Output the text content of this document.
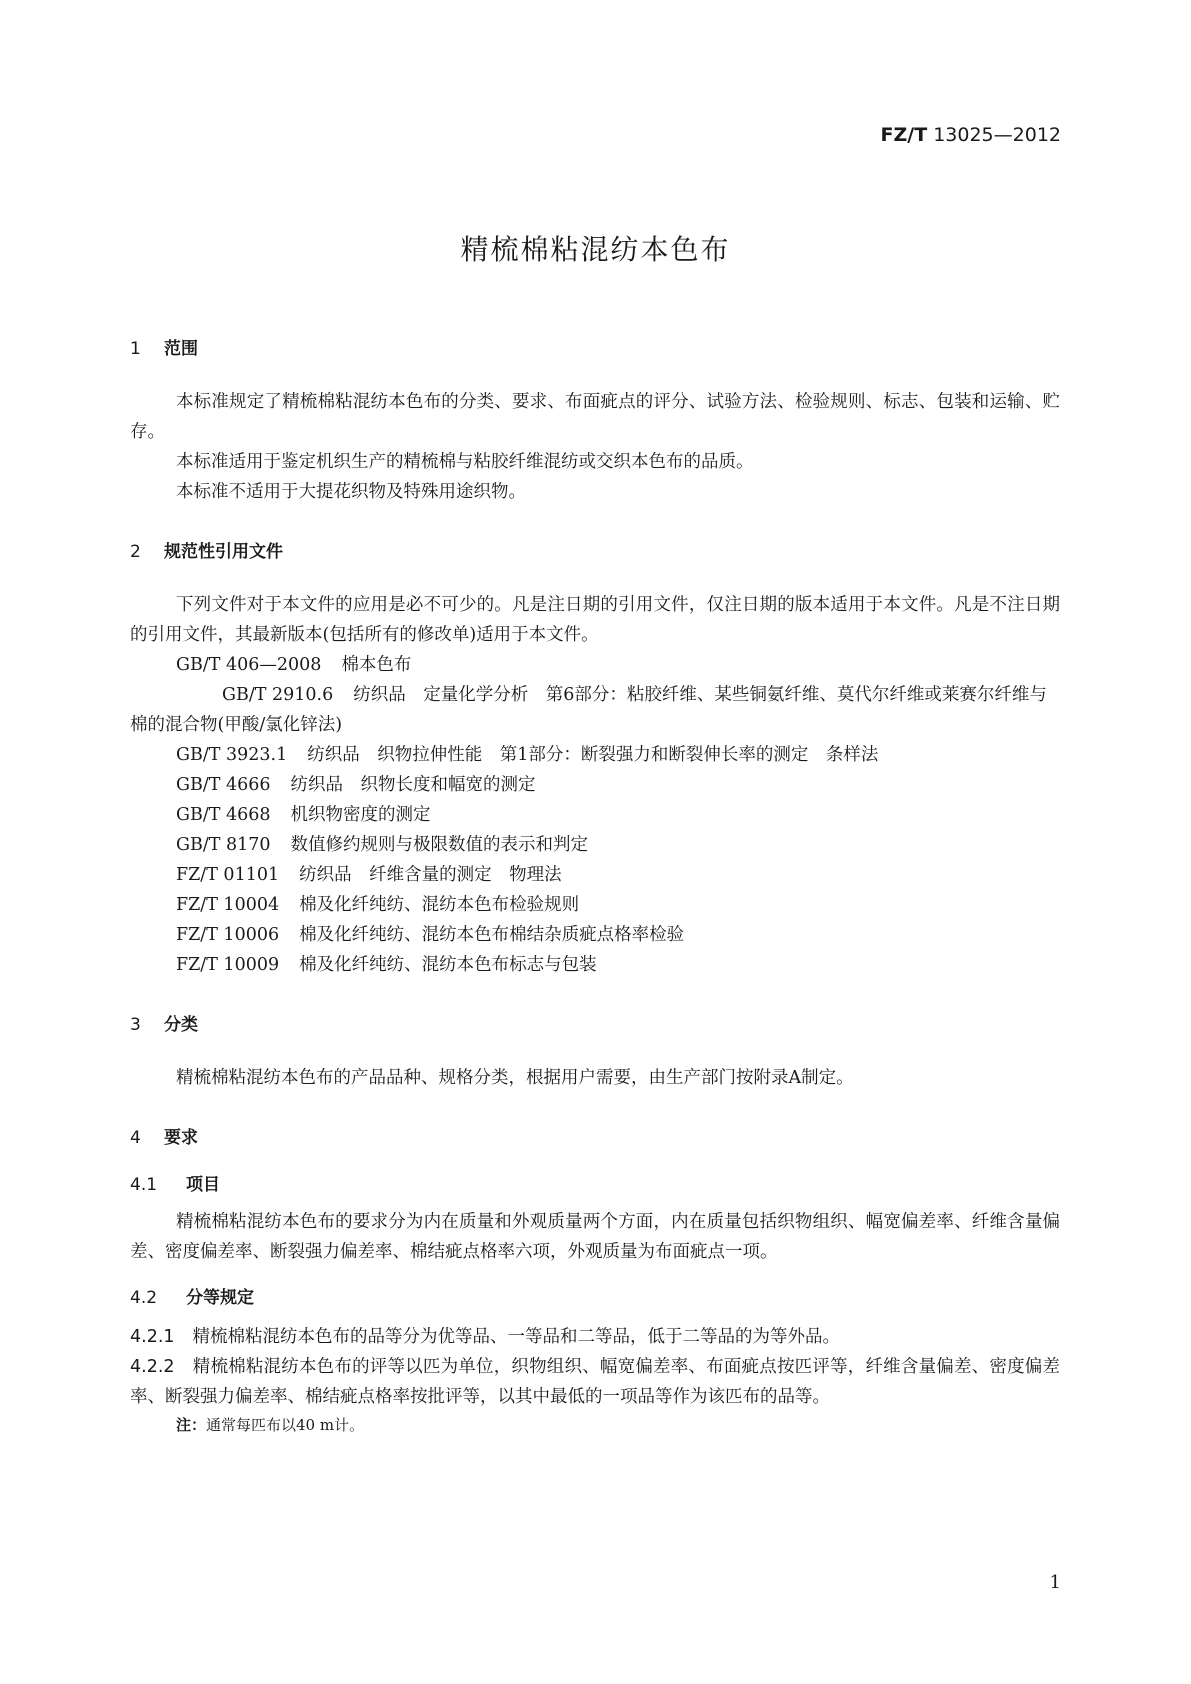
FZ/T 13025—2012
精梳棉粘混纺本色布
1 范围

本标准规定了精梳棉粘混纺本色布的分类、要求、布面疵点的评分、试验方法、检验规则、标志、包装和运输、贮存。

本标准适用于鉴定机织生产的精梳棉与粘胶纤维混纺或交织本色布的品质。

本标准不适用于大提花织物及特殊用途织物。

2 规范性引用文件

下列文件对于本文件的应用是必不可少的。凡是注日期的引用文件，仅注日期的版本适用于本文件。凡是不注日期的引用文件，其最新版本(包括所有的修改单)适用于本文件。

GB/T 406—2008 棉本色布

GB/T 2910.6 纺织品　定量化学分析　第6部分：粘胶纤维、某些铜氨纤维、莫代尔纤维或莱赛尔纤维与棉的混合物(甲酸/氯化锌法)

GB/T 3923.1 纺织品　织物拉伸性能　第1部分：断裂强力和断裂伸长率的测定　条样法

GB/T 4666 纺织品　织物长度和幅宽的测定

GB/T 4668 机织物密度的测定

GB/T 8170 数值修约规则与极限数值的表示和判定

FZ/T 01101 纺织品　纤维含量的测定　物理法

FZ/T 10004 棉及化纤纯纺、混纺本色布检验规则

FZ/T 10006 棉及化纤纯纺、混纺本色布棉结杂质疵点格率检验

FZ/T 10009 棉及化纤纯纺、混纺本色布标志与包装

3 分类

精梳棉粘混纺本色布的产品品种、规格分类，根据用户需要，由生产部门按附录A制定。

4 要求
4.1 项目

精梳棉粘混纺本色布的要求分为内在质量和外观质量两个方面，内在质量包括织物组织、幅宽偏差率、纤维含量偏差、密度偏差率、断裂强力偏差率、棉结疵点格率六项，外观质量为布面疵点一项。

4.2 分等规定

4.2.1 精梳棉粘混纺本色布的品等分为优等品、一等品和二等品，低于二等品的为等外品。

4.2.2 精梳棉粘混纺本色布的评等以匹为单位，织物组织、幅宽偏差率、布面疵点按匹评等，纤维含量偏差、密度偏差率、断裂强力偏差率、棉结疵点格率按批评等，以其中最低的一项品等作为该匹布的品等。

注：通常每匹布以40 m计。

1
